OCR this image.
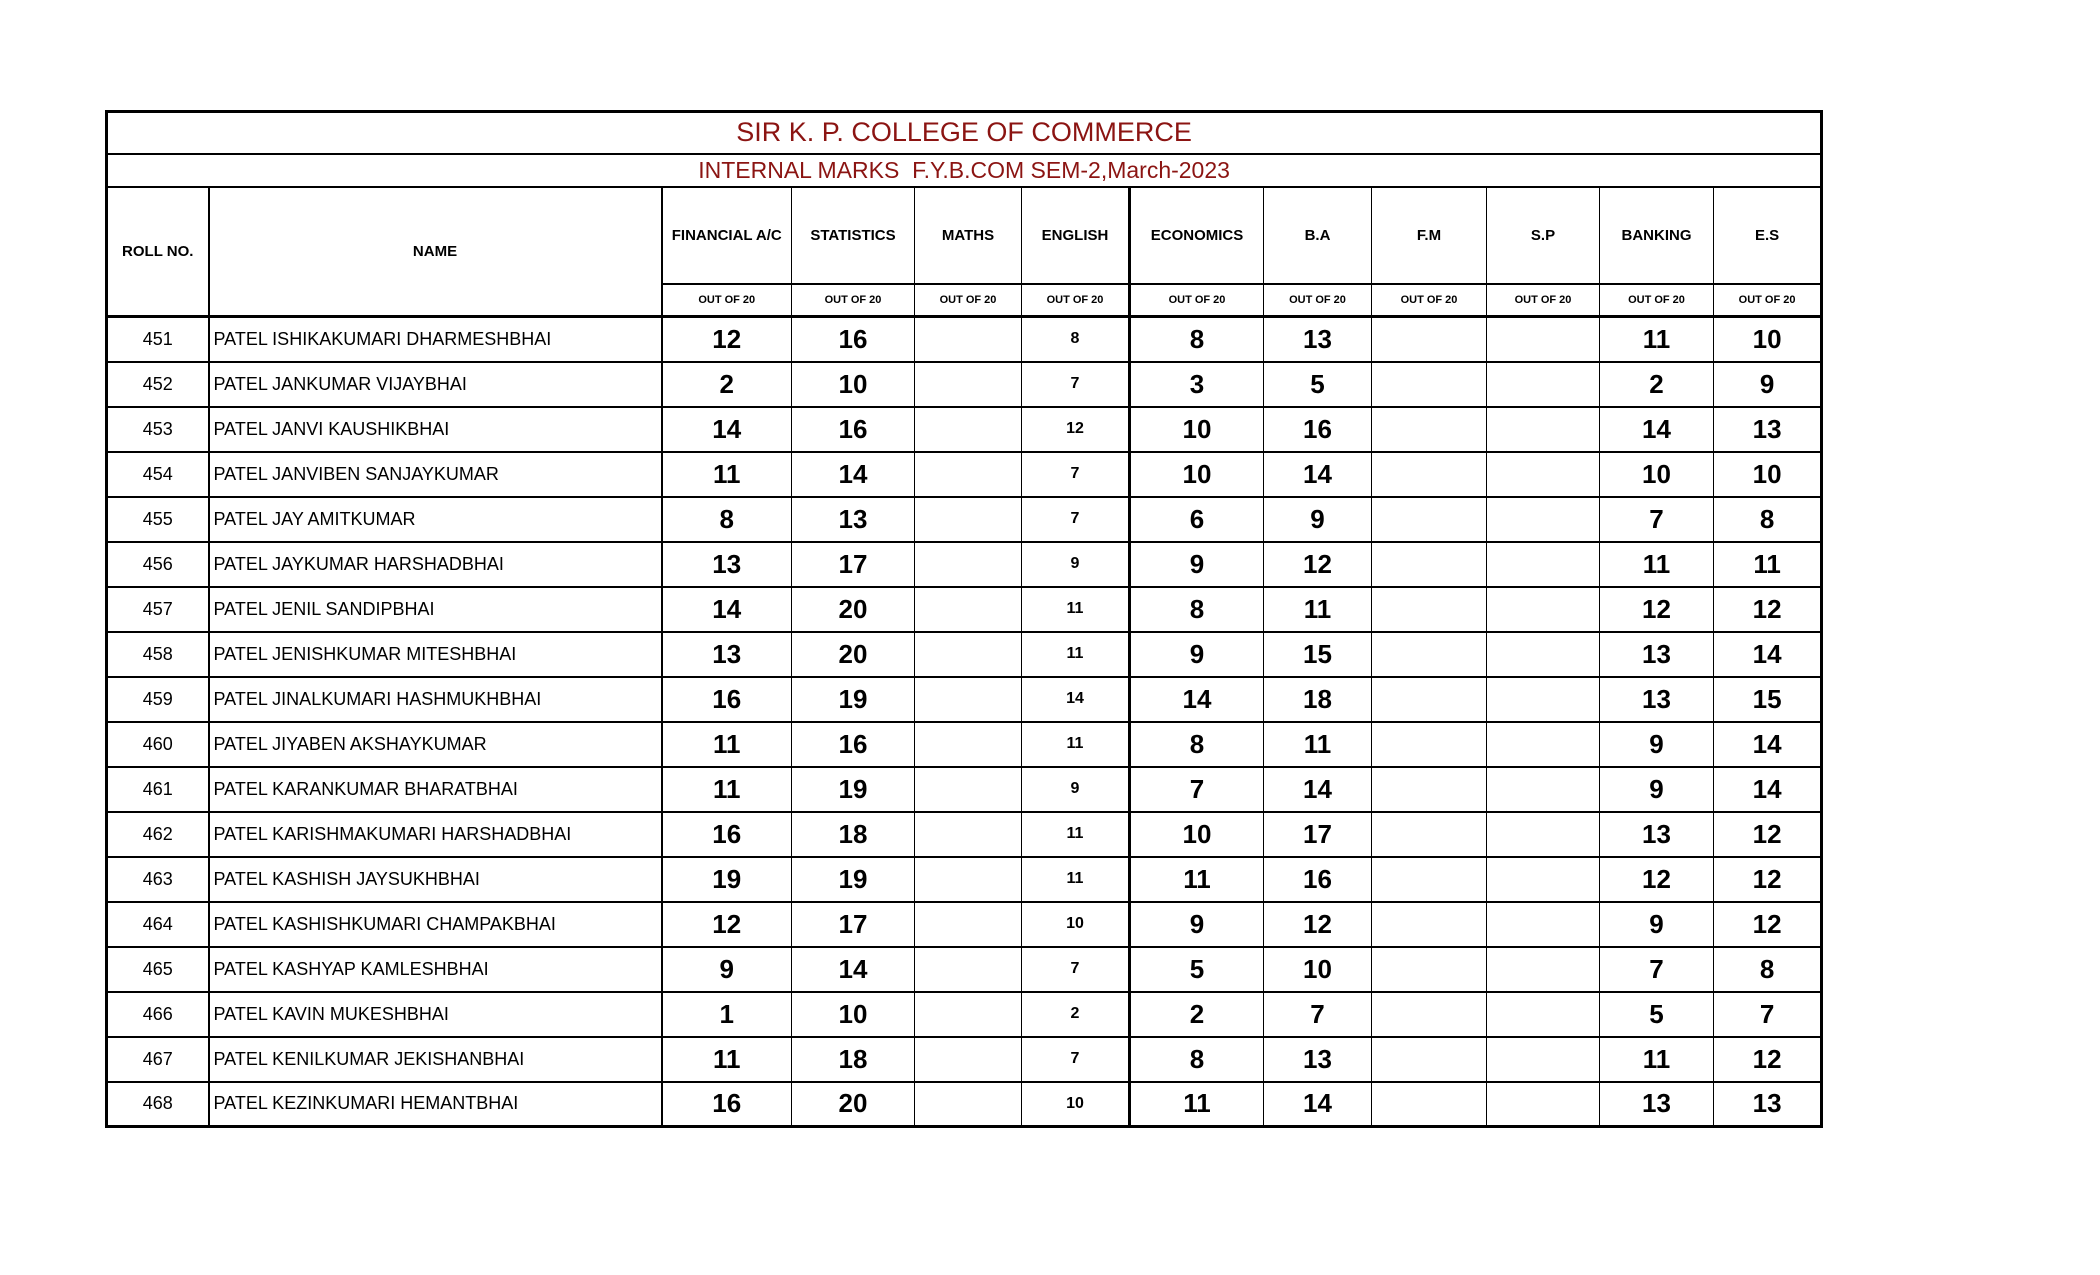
SIR K. P. COLLEGE OF COMMERCE											
INTERNAL MARKS  F.Y.B.COM SEM-2,March-2023											
ROLL NO.	NAME	FINANCIAL A/C	STATISTICS	MATHS	ENGLISH	ECONOMICS	B.A	F.M	S.P	BANKING	E.S
		OUT OF 20	OUT OF 20	OUT OF 20	OUT OF 20	OUT OF 20	OUT OF 20	OUT OF 20	OUT OF 20	OUT OF 20	OUT OF 20
451	PATEL ISHIKAKUMARI DHARMESHBHAI	12	16		8	8	13			11	10
452	PATEL JANKUMAR VIJAYBHAI	2	10		7	3	5			2	9
453	PATEL JANVI KAUSHIKBHAI	14	16		12	10	16			14	13
454	PATEL JANVIBEN SANJAYKUMAR	11	14		7	10	14			10	10
455	PATEL JAY AMITKUMAR	8	13		7	6	9			7	8
456	PATEL JAYKUMAR HARSHADBHAI	13	17		9	9	12			11	11
457	PATEL JENIL SANDIPBHAI	14	20		11	8	11			12	12
458	PATEL JENISHKUMAR MITESHBHAI	13	20		11	9	15			13	14
459	PATEL JINALKUMARI HASHMUKHBHAI	16	19		14	14	18			13	15
460	PATEL JIYABEN AKSHAYKUMAR	11	16		11	8	11			9	14
461	PATEL KARANKUMAR BHARATBHAI	11	19		9	7	14			9	14
462	PATEL KARISHMAKUMARI HARSHADBHAI	16	18		11	10	17			13	12
463	PATEL KASHISH JAYSUKHBHAI	19	19		11	11	16			12	12
464	PATEL KASHISHKUMARI CHAMPAKBHAI	12	17		10	9	12			9	12
465	PATEL KASHYAP KAMLESHBHAI	9	14		7	5	10			7	8
466	PATEL KAVIN MUKESHBHAI	1	10		2	2	7			5	7
467	PATEL KENILKUMAR JEKISHANBHAI	11	18		7	8	13			11	12
468	PATEL KEZINKUMARI HEMANTBHAI	16	20		10	11	14			13	13
